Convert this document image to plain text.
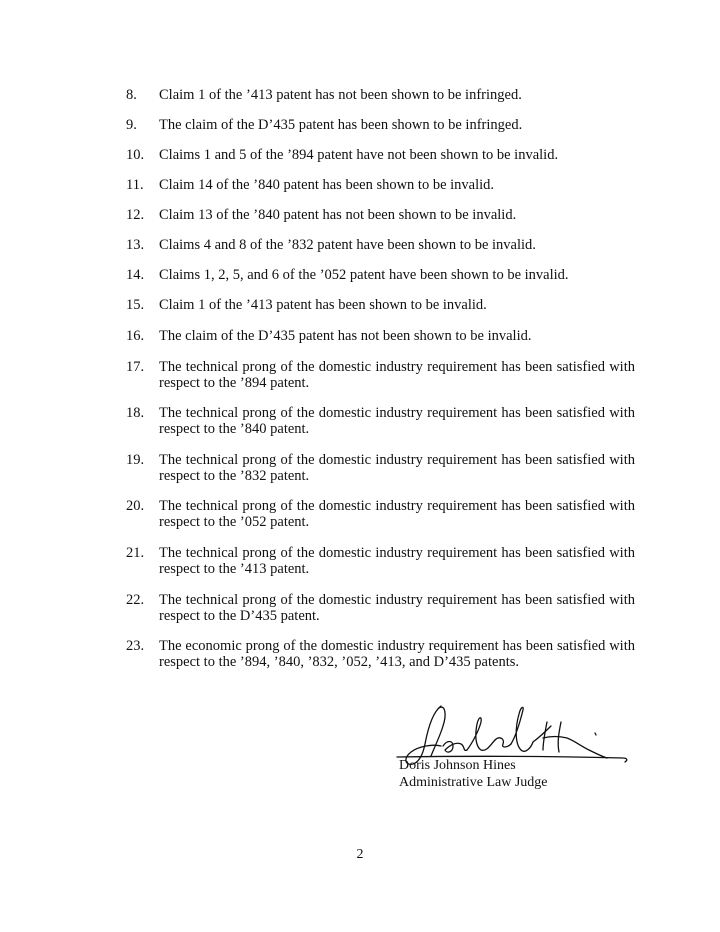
8. Claim 1 of the ’413 patent has not been shown to be infringed.
9. The claim of the D’435 patent has been shown to be infringed.
10. Claims 1 and 5 of the ’894 patent have not been shown to be invalid.
11. Claim 14 of the ’840 patent has been shown to be invalid.
12. Claim 13 of the ’840 patent has not been shown to be invalid.
13. Claims 4 and 8 of the ’832 patent have been shown to be invalid.
14. Claims 1, 2, 5, and 6 of the ’052 patent have been shown to be invalid.
15. Claim 1 of the ’413 patent has been shown to be invalid.
16. The claim of the D’435 patent has not been shown to be invalid.
17. The technical prong of the domestic industry requirement has been satisfied with respect to the ’894 patent.
18. The technical prong of the domestic industry requirement has been satisfied with respect to the ’840 patent.
19. The technical prong of the domestic industry requirement has been satisfied with respect to the ’832 patent.
20. The technical prong of the domestic industry requirement has been satisfied with respect to the ’052 patent.
21. The technical prong of the domestic industry requirement has been satisfied with respect to the ’413 patent.
22. The technical prong of the domestic industry requirement has been satisfied with respect to the D’435 patent.
23. The economic prong of the domestic industry requirement has been satisfied with respect to the ’894, ’840, ’832, ’052, ’413, and D’435 patents.
Doris Johnson Hines
Administrative Law Judge
2
